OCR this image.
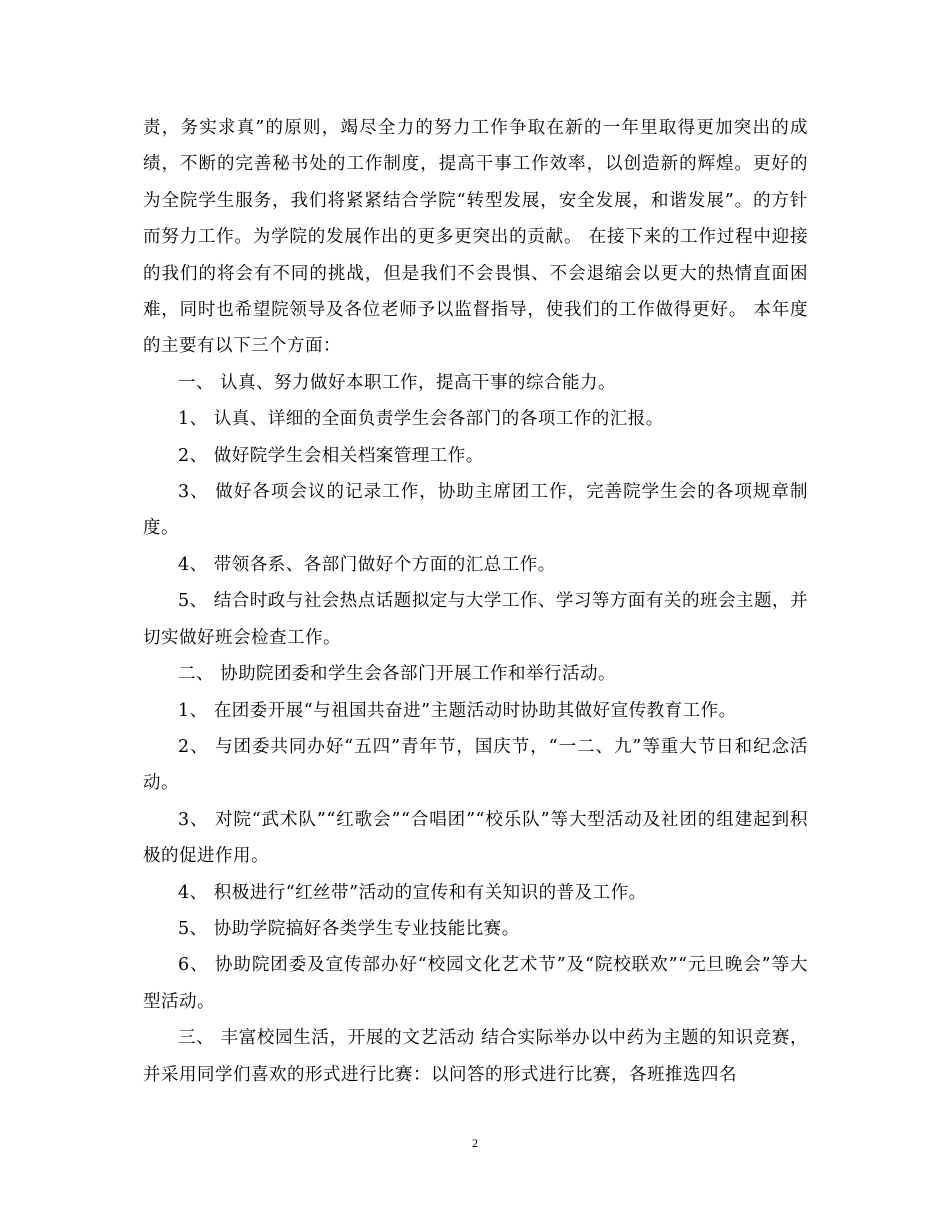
责，务实求真”的原则，竭尽全力的努力工作争取在新的一年里取得更加突出的成绩，不断的完善秘书处的工作制度，提高干事工作效率，以创造新的辉煌。更好的为全院学生服务，我们将紧紧结合学院“转型发展，安全发展，和谐发展”。的方针而努力工作。为学院的发展作出的更多更突出的贡献。 在接下来的工作过程中迎接的我们的将会有不同的挑战，但是我们不会畏惧、不会退缩会以更大的热情直面困难，同时也希望院领导及各位老师予以监督指导，使我们的工作做得更好。 本年度的主要有以下三个方面：

一、 认真、努力做好本职工作，提高干事的综合能力。

1、 认真、详细的全面负责学生会各部门的各项工作的汇报。

2、 做好院学生会相关档案管理工作。

3、 做好各项会议的记录工作，协助主席团工作，完善院学生会的各项规章制度。

4、 带领各系、各部门做好个方面的汇总工作。

5、 结合时政与社会热点话题拟定与大学工作、学习等方面有关的班会主题，并切实做好班会检查工作。

二、 协助院团委和学生会各部门开展工作和举行活动。

1、 在团委开展“与祖国共奋进”主题活动时协助其做好宣传教育工作。

2、 与团委共同办好“五四”青年节，国庆节，“一二、九”等重大节日和纪念活动。

3、 对院“武术队”“红歌会”“合唱团”“校乐队”等大型活动及社团的组建起到积极的促进作用。

4、 积极进行“红丝带”活动的宣传和有关知识的普及工作。

5、 协助学院搞好各类学生专业技能比赛。

6、 协助院团委及宣传部办好“校园文化艺术节”及“院校联欢”“元旦晚会”等大型活动。

三、 丰富校园生活，开展的文艺活动 结合实际举办以中药为主题的知识竞赛，并采用同学们喜欢的形式进行比赛：以问答的形式进行比赛，各班推选四名

2
